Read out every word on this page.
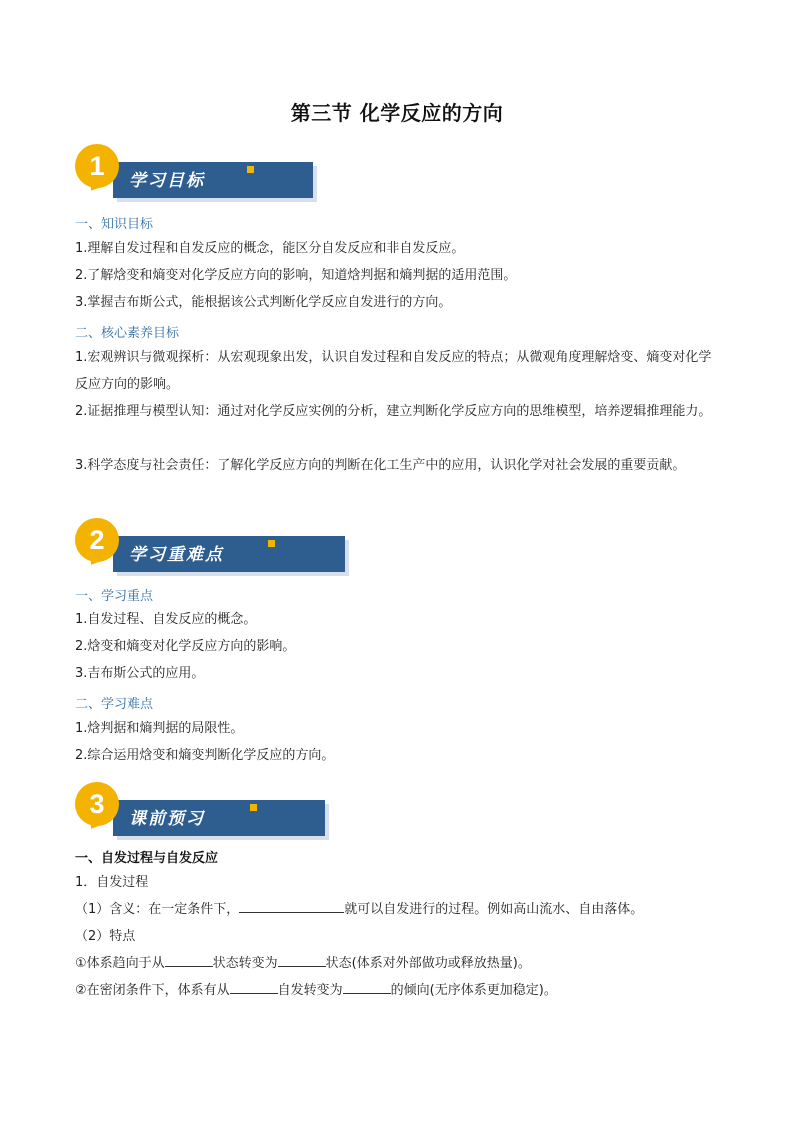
第三节 化学反应的方向
学习目标
1
一、知识目标
1.理解自发过程和自发反应的概念，能区分自发反应和非自发反应。
2.了解焓变和熵变对化学反应方向的影响，知道焓判据和熵判据的适用范围。
3.掌握吉布斯公式，能根据该公式判断化学反应自发进行的方向。
二、核心素养目标
1.宏观辨识与微观探析：从宏观现象出发，认识自发过程和自发反应的特点；从微观角度理解焓变、熵变对化学反应方向的影响。
2.证据推理与模型认知：通过对化学反应实例的分析，建立判断化学反应方向的思维模型，培养逻辑推理能力。
3.科学态度与社会责任：了解化学反应方向的判断在化工生产中的应用，认识化学对社会发展的重要贡献。
学习重难点
2
一、学习重点
1.自发过程、自发反应的概念。
2.焓变和熵变对化学反应方向的影响。
3.吉布斯公式的应用。
二、学习难点
1.焓判据和熵判据的局限性。
2.综合运用焓变和熵变判断化学反应的方向。
课前预习
3
一、自发过程与自发反应
1．自发过程
（1）含义：在一定条件下，	就可以自发进行的过程。例如高山流水、自由落体。
（2）特点
①体系趋向于从	状态转变为	状态(体系对外部做功或释放热量)。
②在密闭条件下，体系有从	自发转变为	的倾向(无序体系更加稳定)。
